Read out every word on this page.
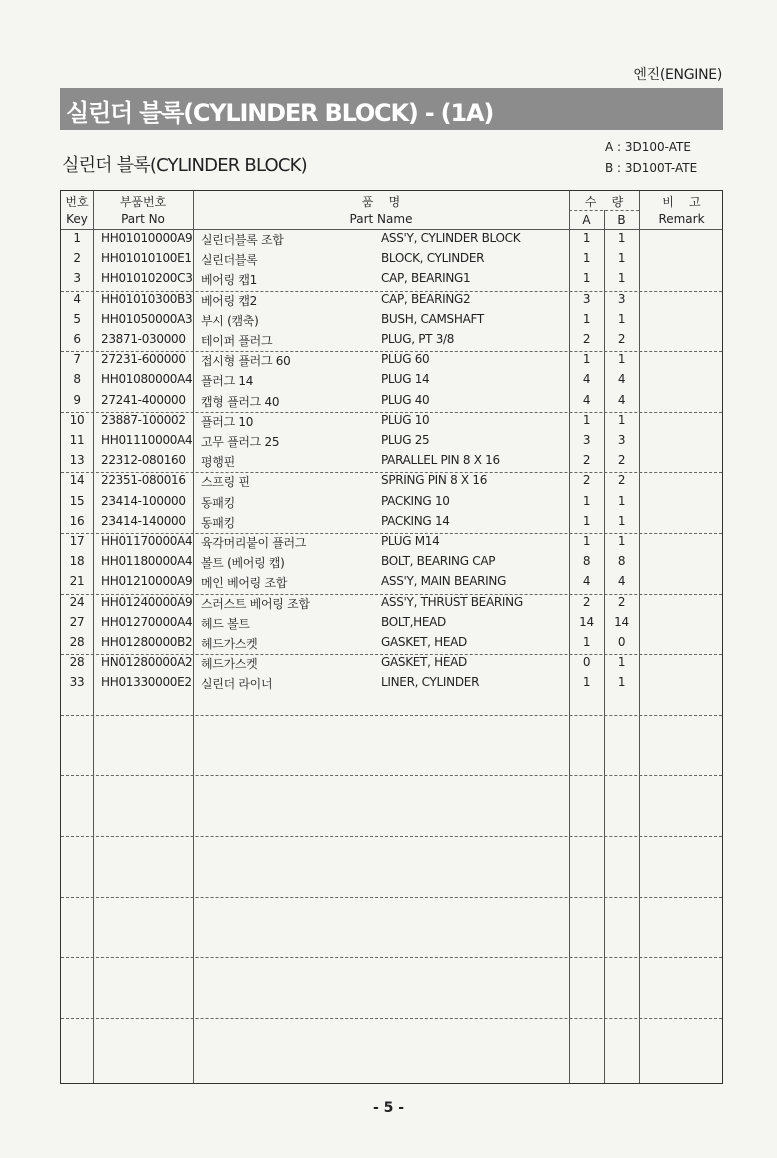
엔진(ENGINE)
실린더 블록(CYLINDER BLOCK) - (1A)
실린더 블록(CYLINDER BLOCK)
A : 3D100-ATE
B : 3D100T-ATE
번호
Key
부품번호
Part No
품    명
Part Name
수    량
A	B
비    고
Remark
1	HH01010000A9 실린더블록 조합	ASS'Y, CYLINDER BLOCK	1	1
2	HH01010100E1 실린더블록	BLOCK, CYLINDER	1	1
3	HH01010200C3 베어링 캡1	CAP, BEARING1	1	1
4	HH01010300B3 베어링 캡2	CAP, BEARING2	3	3
5	HH01050000A3 부시 (캠축)	BUSH, CAMSHAFT	1	1
6	23871-030000	테이퍼 플러그	PLUG, PT 3/8	2	2
7	27231-600000	접시형 플러그 60	PLUG 60	1	1
8	HH01080000A4 플러그 14	PLUG 14	4	4
9	27241-400000	캡형 플러그 40	PLUG 40	4	4
10	23887-100002	플러그 10	PLUG 10	1	1
11	HH01110000A4 고무 플러그 25	PLUG 25	3	3
13	22312-080160	평행핀	PARALLEL PIN 8 X 16	2	2
14	22351-080016	스프링 핀	SPRING PIN 8 X 16	2	2
15	23414-100000	동패킹	PACKING 10	1	1
16	23414-140000	동패킹	PACKING 14	1	1
17	HH01170000A4 육각머리붙이 플러그	PLUG M14	1	1
18	HH01180000A4 볼트 (베어링 캡)	BOLT, BEARING CAP	8	8
21	HH01210000A9 메인 베어링 조합	ASS'Y, MAIN BEARING	4	4
24	HH01240000A9 스러스트 베어링 조합	ASS'Y, THRUST BEARING	2	2
27	HH01270000A4 헤드 볼트	BOLT,HEAD	14	14
28	HH01280000B2 헤드가스켓	GASKET, HEAD	1	0
28	HN01280000A2 헤드가스켓	GASKET, HEAD	0	1
33	HH01330000E2 실린더 라이너	LINER, CYLINDER	1	1
- 5 -
